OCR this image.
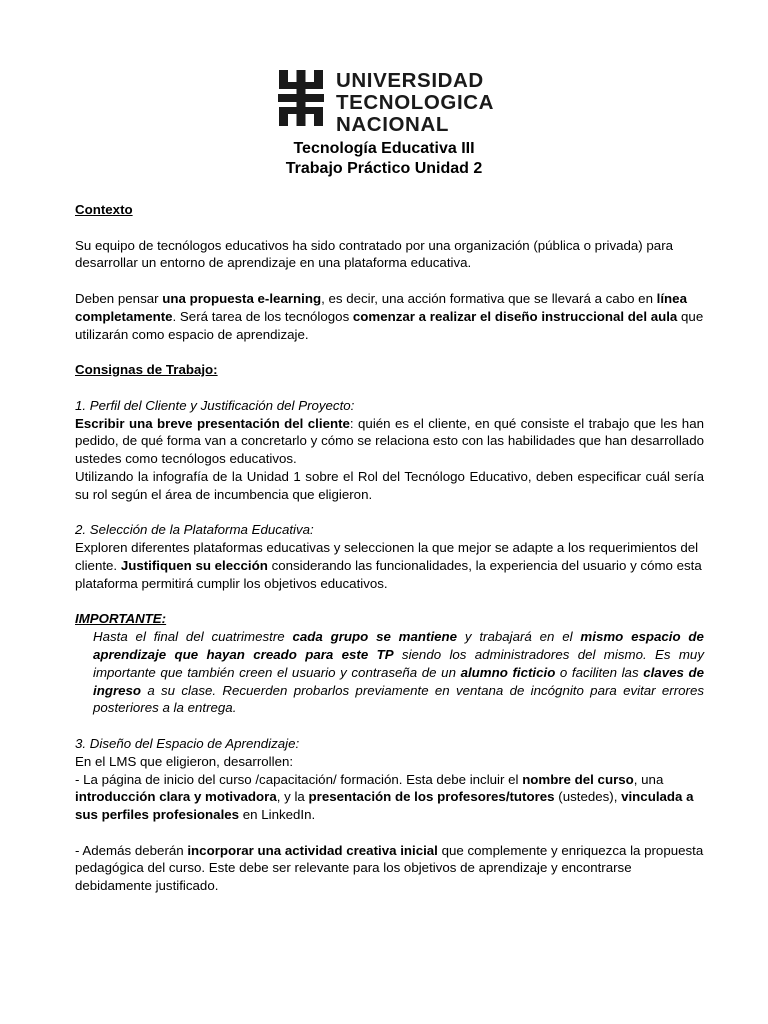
UNIVERSIDAD
TECNOLOGICA
NACIONAL
Tecnología Educativa III
Trabajo Práctico Unidad 2

Contexto

Su equipo de tecnólogos educativos ha sido contratado por una organización (pública o privada) para desarrollar un entorno de aprendizaje en una plataforma educativa.

Deben pensar una propuesta e-learning, es decir, una acción formativa que se llevará a cabo en línea completamente. Será tarea de los tecnólogos comenzar a realizar el diseño instruccional del aula que utilizarán como espacio de aprendizaje.

Consignas de Trabajo:

1. Perfil del Cliente y Justificación del Proyecto:

Escribir una breve presentación del cliente: quién es el cliente, en qué consiste el trabajo que les han pedido, de qué forma van a concretarlo y cómo se relaciona esto con las habilidades que han desarrollado ustedes como tecnólogos educativos.

Utilizando la infografía de la Unidad 1 sobre el Rol del Tecnólogo Educativo, deben especificar cuál sería su rol según el área de incumbencia que eligieron.

2. Selección de la Plataforma Educativa:

Exploren diferentes plataformas educativas y seleccionen la que mejor se adapte a los requerimientos del cliente. Justifiquen su elección considerando las funcionalidades, la experiencia del usuario y cómo esta plataforma permitirá cumplir los objetivos educativos.

IMPORTANTE:

Hasta el final del cuatrimestre cada grupo se mantiene y trabajará en el mismo espacio de aprendizaje que hayan creado para este TP siendo los administradores del mismo. Es muy importante que también creen el usuario y contraseña de un alumno ficticio o faciliten las claves de ingreso a su clase. Recuerden probarlos previamente en ventana de incógnito para evitar errores posteriores a la entrega.

3. Diseño del Espacio de Aprendizaje:

En el LMS que eligieron, desarrollen:

- La página de inicio del curso /capacitación/ formación. Esta debe incluir el nombre del curso, una introducción clara y motivadora, y la presentación de los profesores/tutores (ustedes), vinculada a sus perfiles profesionales en LinkedIn.

- Además deberán incorporar una actividad creativa inicial que complemente y enriquezca la propuesta pedagógica del curso. Este debe ser relevante para los objetivos de aprendizaje y encontrarse debidamente justificado.
